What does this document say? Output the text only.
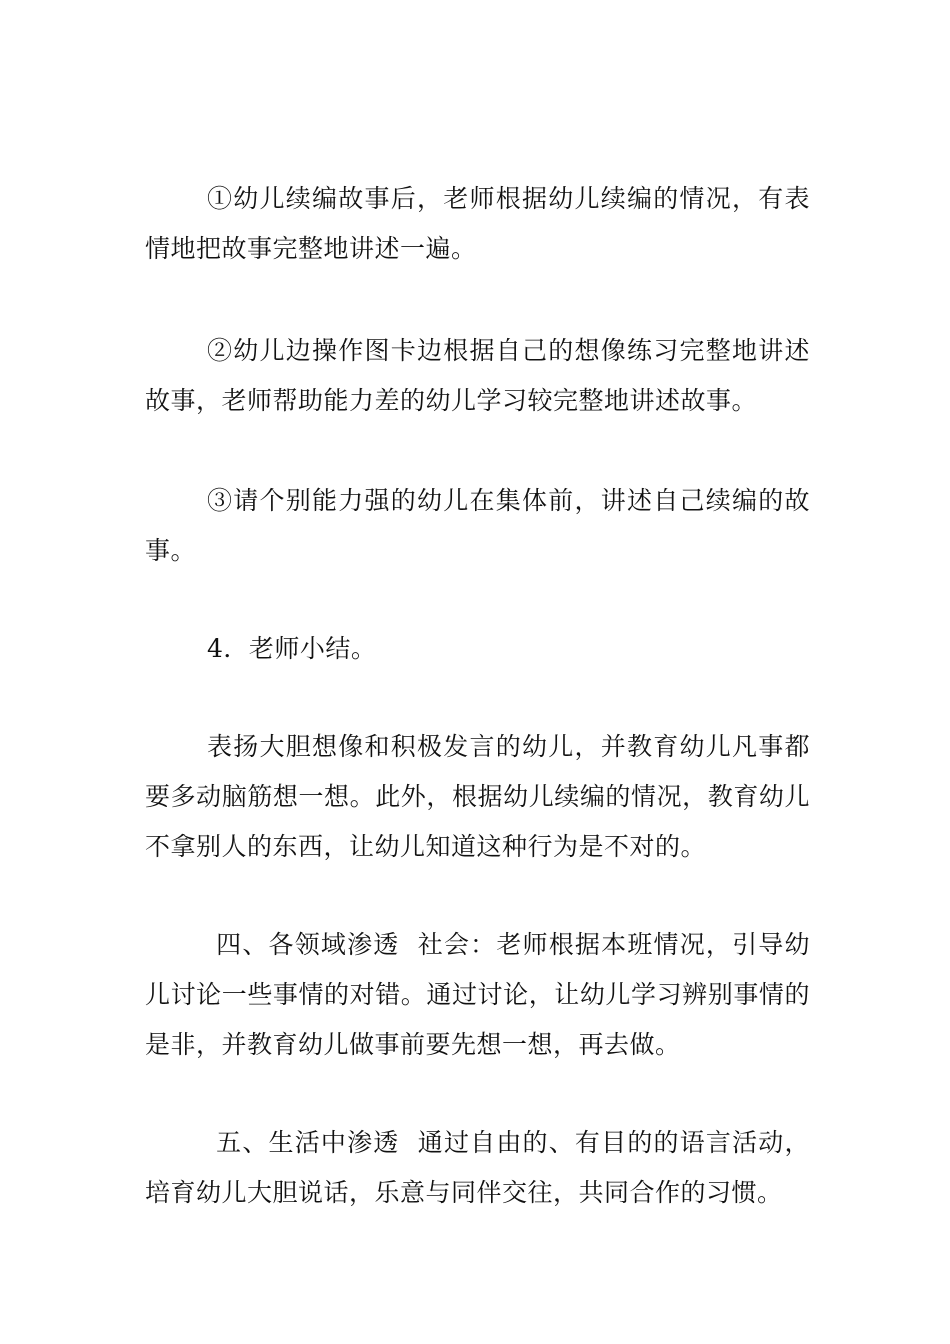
①幼儿续编故事后，老师根据幼儿续编的情况，有表情地把故事完整地讲述一遍。

②幼儿边操作图卡边根据自己的想像练习完整地讲述故事，老师帮助能力差的幼儿学习较完整地讲述故事。

③请个别能力强的幼儿在集体前，讲述自己续编的故事。

4．老师小结。

表扬大胆想像和积极发言的幼儿，并教育幼儿凡事都要多动脑筋想一想。此外，根据幼儿续编的情况，教育幼儿不拿别人的东西，让幼儿知道这种行为是不对的。

四、各领域渗透  社会：老师根据本班情况，引导幼儿讨论一些事情的对错。通过讨论，让幼儿学习辨别事情的是非，并教育幼儿做事前要先想一想，再去做。

五、生活中渗透  通过自由的、有目的的语言活动，培育幼儿大胆说话，乐意与同伴交往，共同合作的习惯。
